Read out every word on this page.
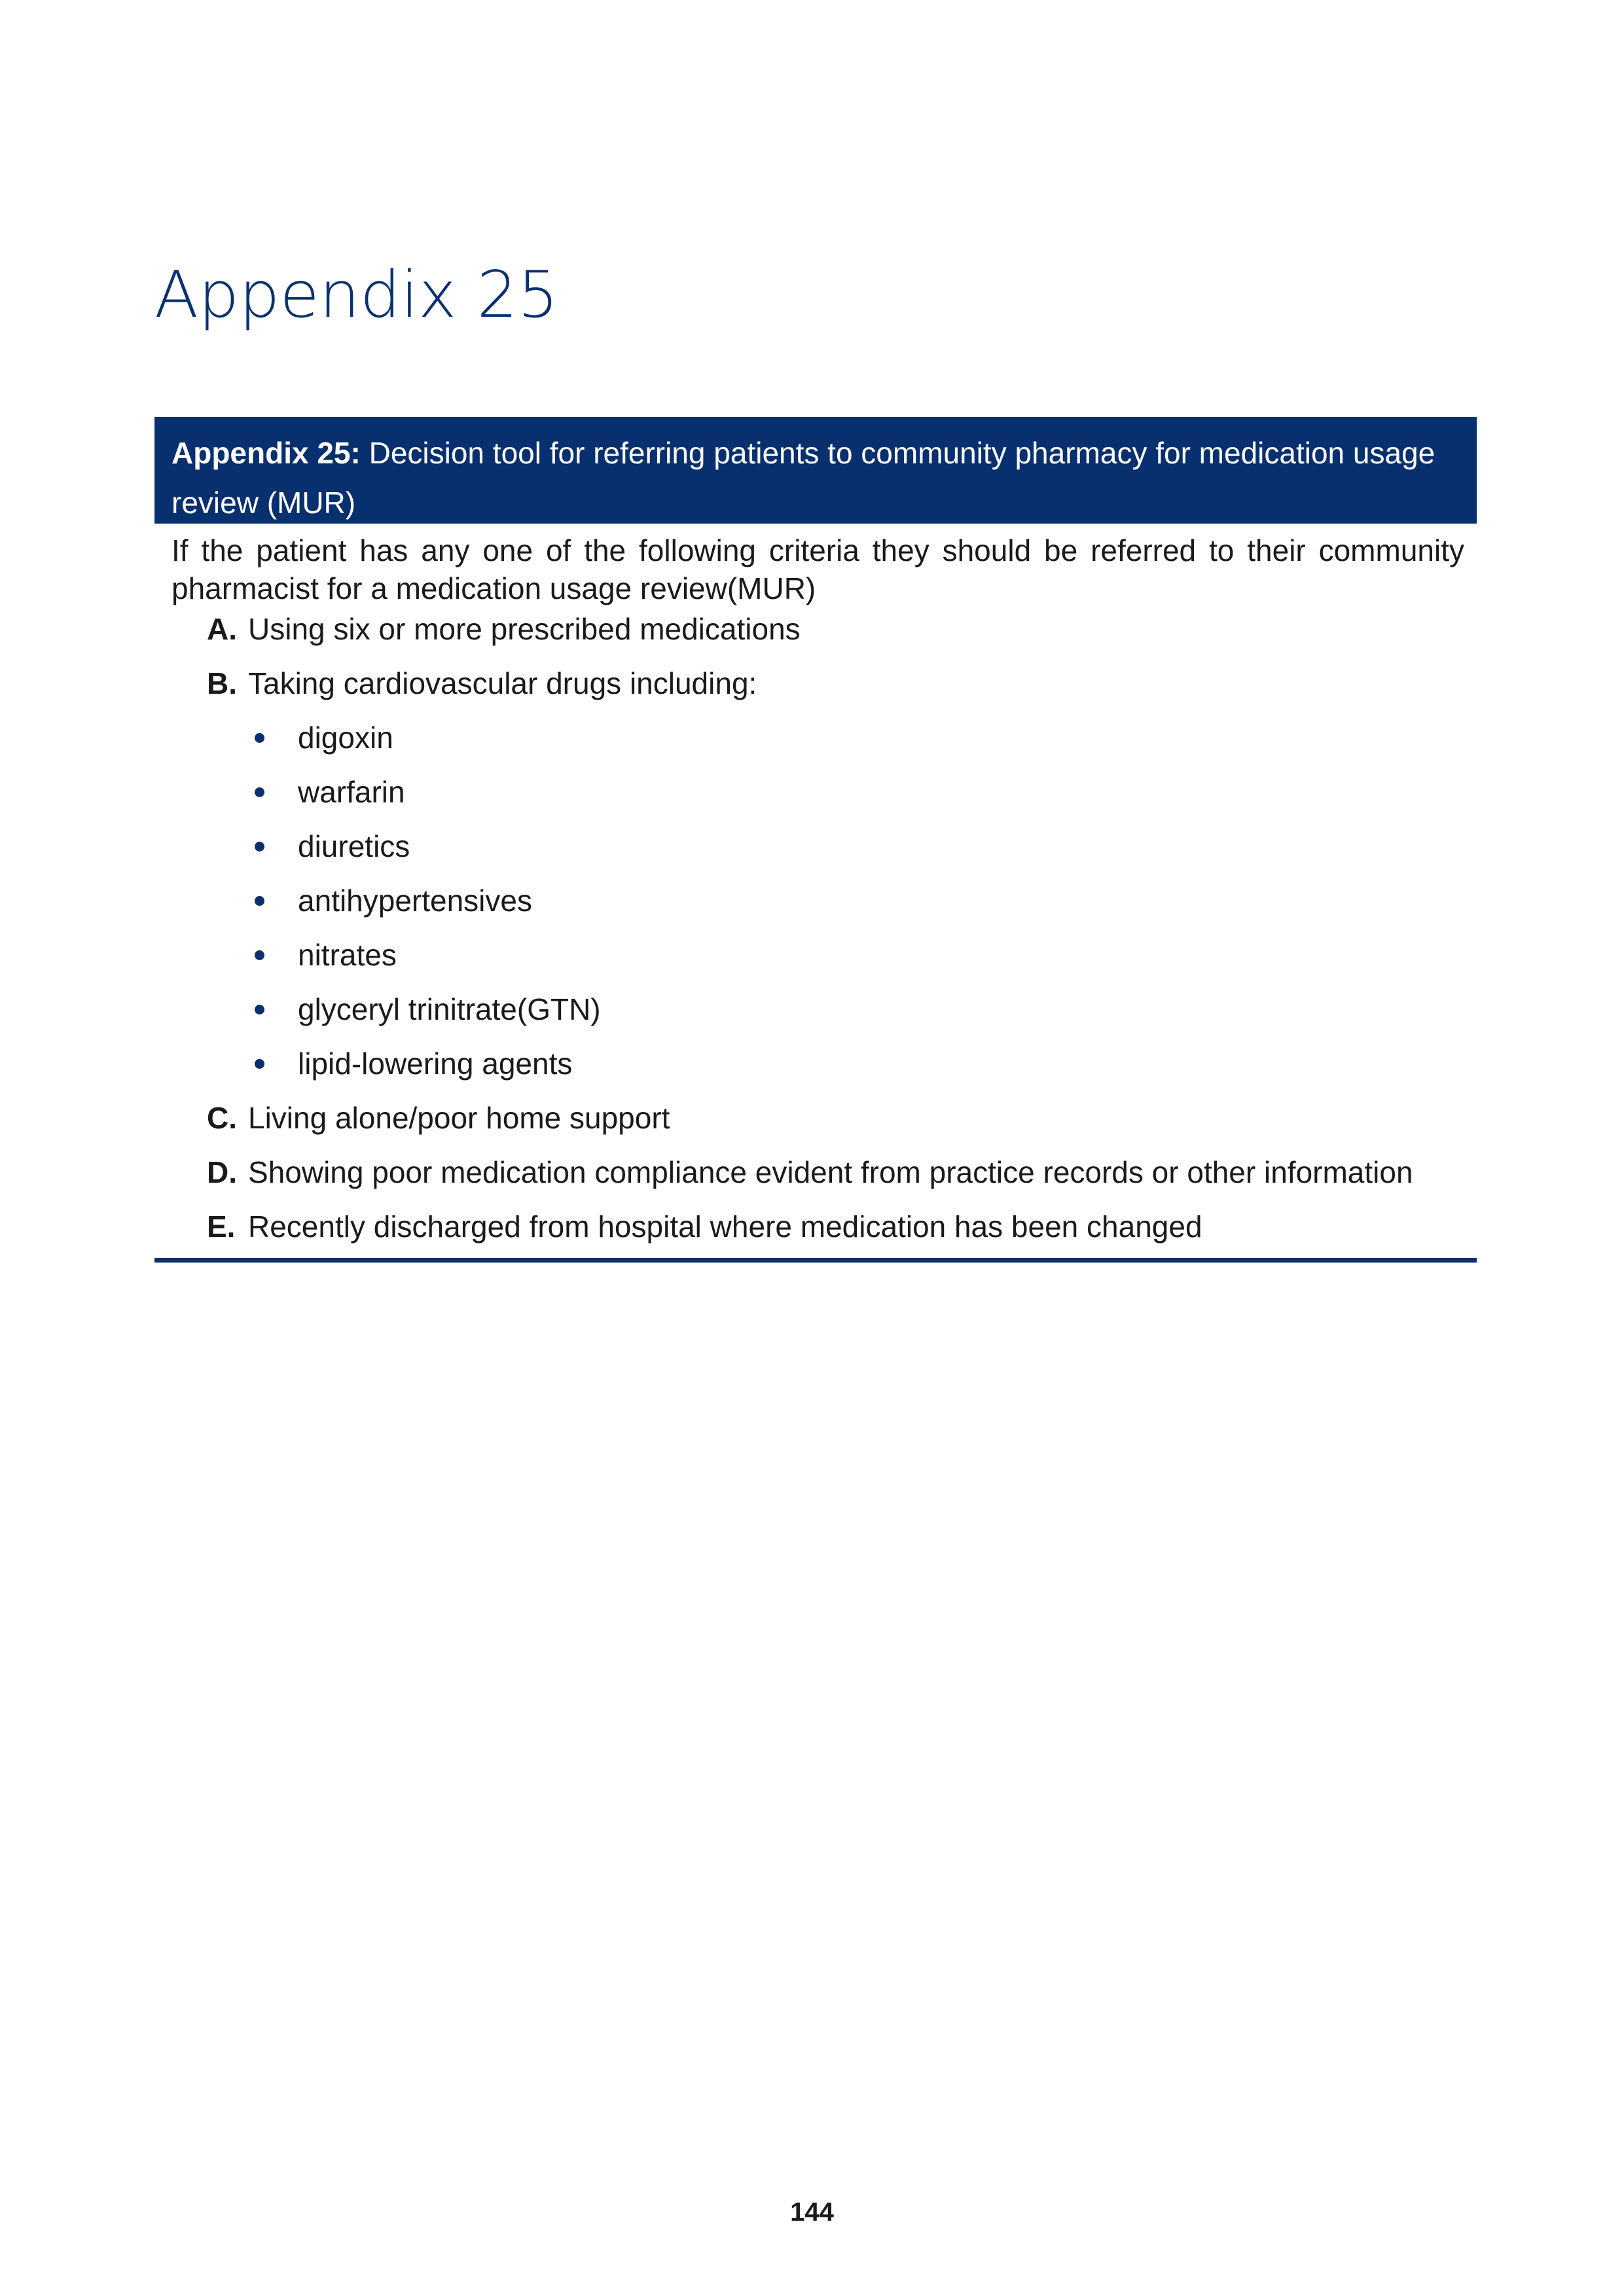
Appendix 25
Appendix 25: Decision tool for referring patients to community pharmacy for medication usage review (MUR)

If the patient has any one of the following criteria they should be referred to their community pharmacist for a medication usage review(MUR)

A. Using six or more prescribed medications
B. Taking cardiovascular drugs including:
digoxin
warfarin
diuretics
antihypertensives
nitrates
glyceryl trinitrate(GTN)
lipid-lowering agents
C. Living alone/poor home support
D. Showing poor medication compliance evident from practice records or other information
E. Recently discharged from hospital where medication has been changed
144
